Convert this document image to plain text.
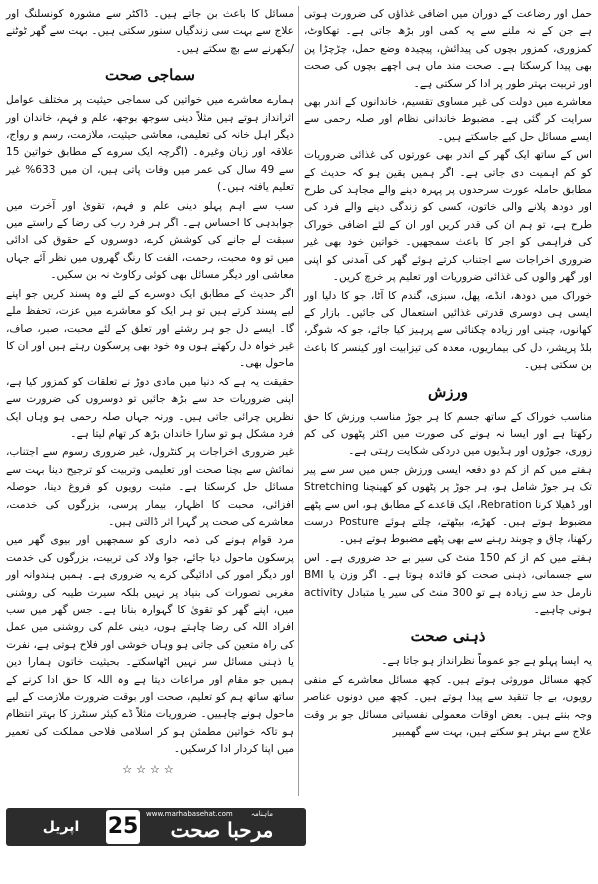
حمل اور رضاعت کے دوران میں اضافی غذاؤں کی ضرورت ہوتی ہے جن کے نہ ملنے سے یہ کمی اور بڑھ جاتی ہے۔ تھکاوٹ، کمزوری، کمزور بچوں کی پیدائش، پیچیدہ وضع حمل، چڑچڑا پن بھی پیدا کرسکتا ہے۔ صحت مند ماں ہی اچھے بچوں کی صحت اور تربیت بہتر طور پر ادا کر سکتی ہے۔

معاشرے میں دولت کی غیر مساوی تقسیم، خاندانوں کے اندر بھی سرایت کر گئی ہے۔ مضبوط خاندانی نظام اور صلہ رحمی سے ایسے مسائل حل کیے جاسکتے ہیں۔

اس کے ساتھ ایک گھر کے اندر بھی عورتوں کی غذائی ضروریات کو کم اہمیت دی جاتی ہے۔ اگر ہمیں یقین ہو کہ حدیث کے مطابق حاملہ عورت سرحدوں پر پہرہ دینے والے مجاہد کی طرح اور دودھ پلانے والی خاتون، کسی کو زندگی دینے والے فرد کی طرح ہے، تو ہم ان کی قدر کریں اور ان کے لئے اضافی خوراک کی فراہمی کو اجر کا باعث سمجھیں۔ خواتین خود بھی غیر ضروری اخراجات سے اجتناب کرتے ہوئے گھر کی آمدنی کو اپنی اور گھر والوں کی غذائی ضروریات اور تعلیم پر خرچ کریں۔

خوراک میں دودھ، انڈے، پھل، سبزی، گندم کا آٹا، جو کا دلیا اور ایسی ہی دوسری قدرتی غذائیں استعمال کی جائیں۔ بازار کے کھانوں، چینی اور زیادہ چکنائی سے پرہیز کیا جائے، جو کہ شوگر، بلڈ پریشر، دل کی بیماریوں، معدہ کی تیزابیت اور کینسر کا باعث بن سکتی ہیں۔

ورزش

مناسب خوراک کے ساتھ جسم کا ہر جوڑ مناسب ورزش کا حق رکھتا ہے اور ایسا نہ ہونے کی صورت میں اکثر پٹھوں کی کم زوری، جوڑوں اور ہڈیوں میں دردکی شکایت رہتی ہے۔

ہفتے میں کم از کم دو دفعہ ایسی ورزش جس میں سر سے پیر تک ہر جوڑ شامل ہو، ہر جوڑ پر پٹھوں کو کھینچنا Stretching اور ڈھیلا کرنا Rebration، ایک قاعدے کے مطابق ہو، اس سے پٹھے مضبوط ہوتے ہیں۔ کھڑے، بیٹھتے، چلتے ہوئے Posture درست رکھنا، چاق و چوبند رہنے سے بھی پٹھے مضبوط ہوتے ہیں۔

ہفتے میں کم از کم 150 منٹ کی سیر بے حد ضروری ہے۔ اس سے جسمانی، ذہنی صحت کو فائدہ ہوتا ہے۔ اگر وزن یا BMI نارمل حد سے زیادہ ہے تو 300 منٹ کی سیر یا متبادل activity ہونی چاہیے۔

ذہنی صحت

یہ ایسا پہلو ہے جو عموماً نظرانداز ہو جاتا ہے۔

کچھ مسائل موروثی ہوتے ہیں۔ کچھ مسائل معاشرے کے منفی رویوں، بے جا تنقید سے پیدا ہوتے ہیں۔ کچھ میں دونوں عناصر وجہ بنتے ہیں۔ بعض اوقات معمولی نفسیاتی مسائل جو بر وقت علاج سے بہتر ہو سکتے ہیں، بہت سے گھمبیر

مسائل کا باعث بن جاتے ہیں۔ ڈاکٹر سے مشورہ کونسلنگ اور علاج سے بہت سی زندگیاں سنور سکتی ہیں۔ بہت سے گھر ٹوٹنے /بکھرنے سے بچ سکتے ہیں۔

سماجی صحت

ہمارے معاشرے میں خواتین کی سماجی حیثیت پر مختلف عوامل اثرانداز ہوتے ہیں مثلاً دینی سوجھ بوجھ، علم و فہم، خاندان اور دیگر اہل خانہ کی تعلیمی، معاشی حیثیت، ملازمت، رسم و رواج، علاقہ اور زبان وغیرہ۔ (اگرچہ ایک سروے کے مطابق خواتین 15 سے 49 سال کی عمر میں وفات پاتی ہیں، ان میں 633% غیر تعلیم یافتہ ہیں۔)

سب سے اہم پہلو دینی علم و فہم، تقویٰ اور آخرت میں جوابدہی کا احساس ہے۔ اگر ہر فرد رب کی رضا کے راستے میں سبقت لے جانے کی کوشش کرے، دوسروں کے حقوق کی ادائی میں تو وہ محبت، رحمت، الفت کا رنگ گھروں میں نظر آئے جہاں معاشی اور دیگر مسائل بھی کوئی رکاوٹ نہ بن سکیں۔

اگر حدیث کے مطابق ایک دوسرے کے لئے وہ پسند کریں جو اپنے لیے پسند کرتے ہیں تو ہر ایک کو معاشرے میں عزت، تحفظ ملے گا۔ ایسے دل جو ہر رشتے اور تعلق کے لئے محبت، صبر، صاف، غیر خواہ دل رکھتے ہوں وہ خود بھی پرسکون رہتے ہیں اور ان کا ماحول بھی۔

حقیقت یہ ہے کہ دنیا میں مادی دوڑ نے تعلقات کو کمزور کیا ہے، اپنی ضروریات حد سے بڑھ جائیں تو دوسروں کی ضرورت سے نظریں چرائی جاتی ہیں۔ ورنہ جہاں صلہ رحمی ہو وہاں ایک فرد مشکل ہو تو سارا خاندان بڑھ کر تھام لیتا ہے۔

غیر ضروری اخراجات پر کنٹرول، غیر ضروری رسوم سے اجتناب، نمائش سے بچنا صحت اور تعلیمی وتربیت کو ترجیح دینا بہت سے مسائل حل کرسکتا ہے۔ مثبت رویوں کو فروغ دینا، حوصلہ افزائی، محبت کا اظہار، بیمار پرسی، بزرگوں کی خدمت، معاشرے کی صحت پر گہرا اثر ڈالتی ہیں۔

مرد قوام ہونے کی ذمہ داری کو سمجھیں اور بیوی گھر میں پرسکون ماحول دیا جائے، جوا ولاد کی تربیت، بزرگوں کی خدمت اور دیگر امور کی ادائیگی کرے یہ ضروری ہے۔ ہمیں ہندوانہ اور مغربی تصورات کی بنیاد پر نہیں بلکہ سیرت طیبہ کی روشنی میں، اپنے گھر کو تقویٰ کا گہوارہ بنانا ہے۔ جس گھر میں سب افراد اللہ کی رضا چاہتے ہوں، دینی علم کی روشنی میں عمل کی راہ متعین کی جاتی ہو وہاں خوشی اور فلاح ہوتی ہے، نفرت یا ذہنی مسائل سر نہیں اٹھاسکتے۔ بحیثیت خاتون ہمارا دین ہمیں جو مقام اور مراعات دیتا ہے وہ اللہ کا حق ادا کرنے کے ساتھ ساتھ ہم کو تعلیم، صحت اور بوقت ضرورت ملازمت کے لیے ماحول ہونے چاہییں۔ ضروریات مثلاً ڈے کیئر سنٹرز کا بہتر انتظام ہو تاکہ خواتین مطمئن ہو کر اسلامی فلاحی مملکت کی تعمیر میں اپنا کردار ادا کرسکیں۔

☆☆☆☆
اپریل 2023ء
25 www.marhabasehat.com	ماہنامہ
مرحبا صحت
